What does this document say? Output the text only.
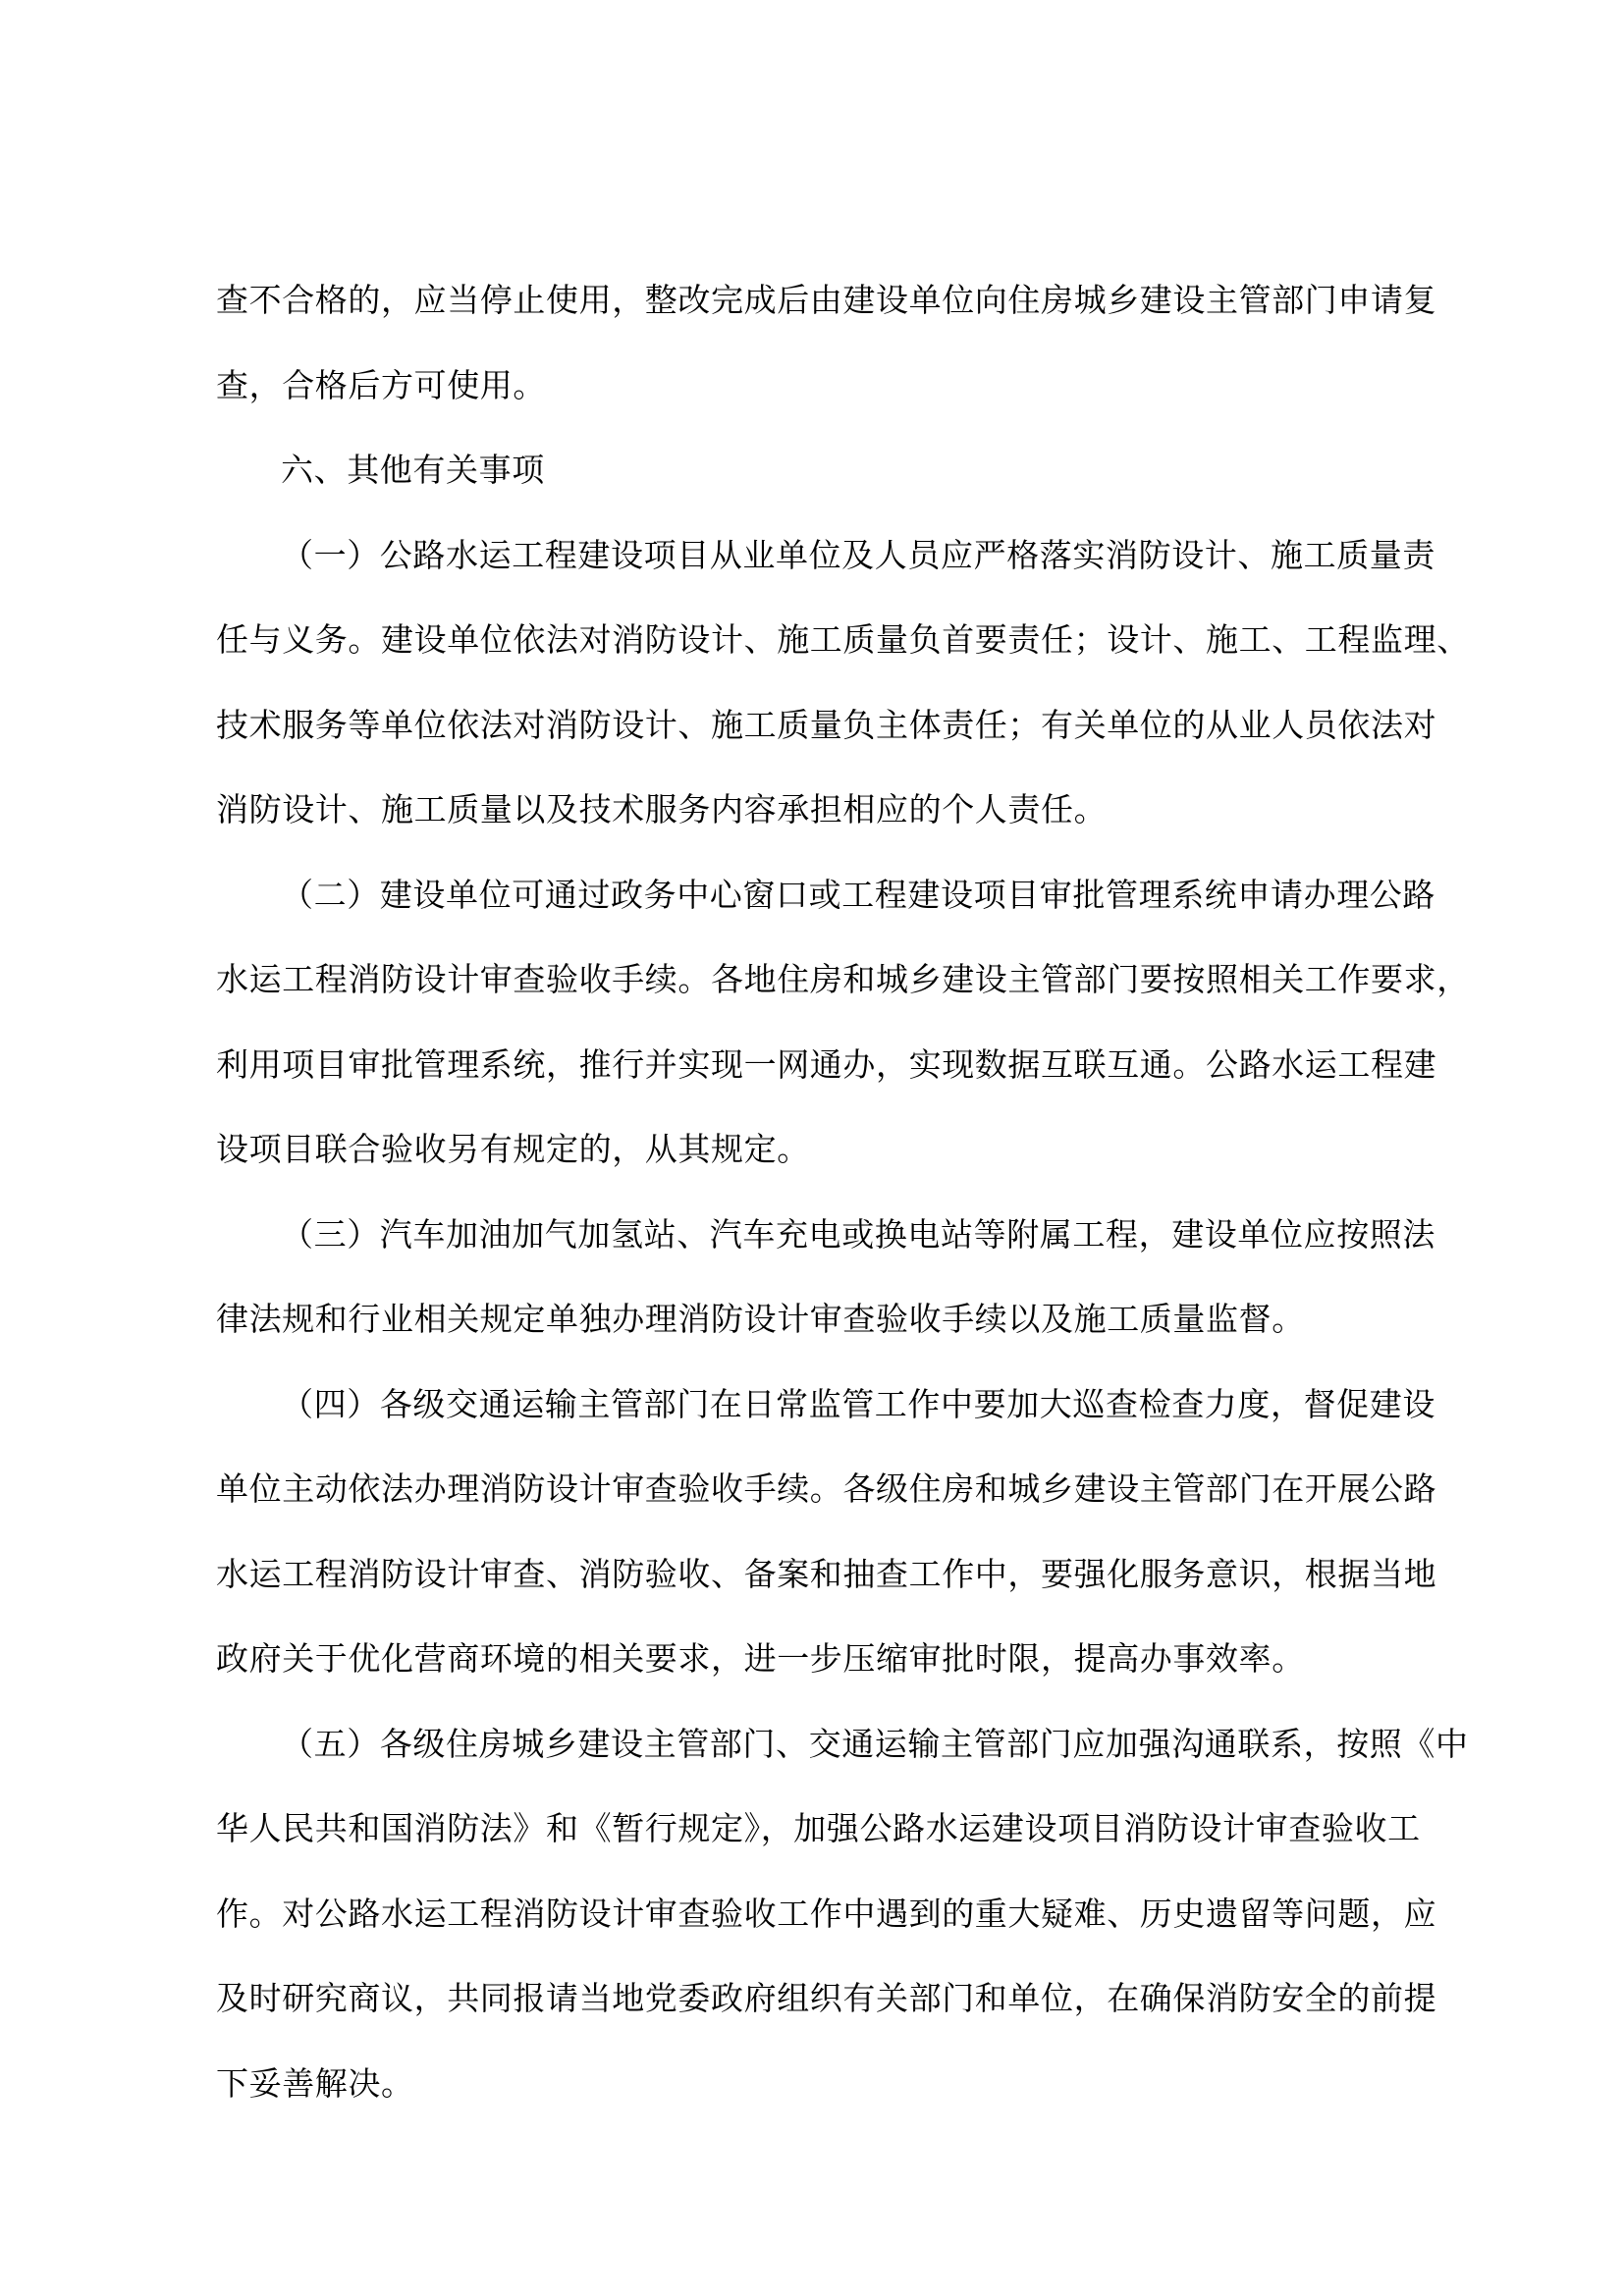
查不合格的，应当停止使用，整改完成后由建设单位向住房城乡建设主管部门申请复
查，合格后方可使用。
六、其他有关事项
（一）公路水运工程建设项目从业单位及人员应严格落实消防设计、施工质量责
任与义务。建设单位依法对消防设计、施工质量负首要责任；设计、施工、工程监理、
技术服务等单位依法对消防设计、施工质量负主体责任；有关单位的从业人员依法对
消防设计、施工质量以及技术服务内容承担相应的个人责任。
（二）建设单位可通过政务中心窗口或工程建设项目审批管理系统申请办理公路
水运工程消防设计审查验收手续。各地住房和城乡建设主管部门要按照相关工作要求，
利用项目审批管理系统，推行并实现一网通办，实现数据互联互通。公路水运工程建
设项目联合验收另有规定的，从其规定。
（三）汽车加油加气加氢站、汽车充电或换电站等附属工程，建设单位应按照法
律法规和行业相关规定单独办理消防设计审查验收手续以及施工质量监督。
（四）各级交通运输主管部门在日常监管工作中要加大巡查检查力度，督促建设
单位主动依法办理消防设计审查验收手续。各级住房和城乡建设主管部门在开展公路
水运工程消防设计审查、消防验收、备案和抽查工作中，要强化服务意识，根据当地
政府关于优化营商环境的相关要求，进一步压缩审批时限，提高办事效率。
（五）各级住房城乡建设主管部门、交通运输主管部门应加强沟通联系，按照《中
华人民共和国消防法》和《暂行规定》，加强公路水运建设项目消防设计审查验收工
作。对公路水运工程消防设计审查验收工作中遇到的重大疑难、历史遗留等问题，应
及时研究商议，共同报请当地党委政府组织有关部门和单位，在确保消防安全的前提
下妥善解决。
